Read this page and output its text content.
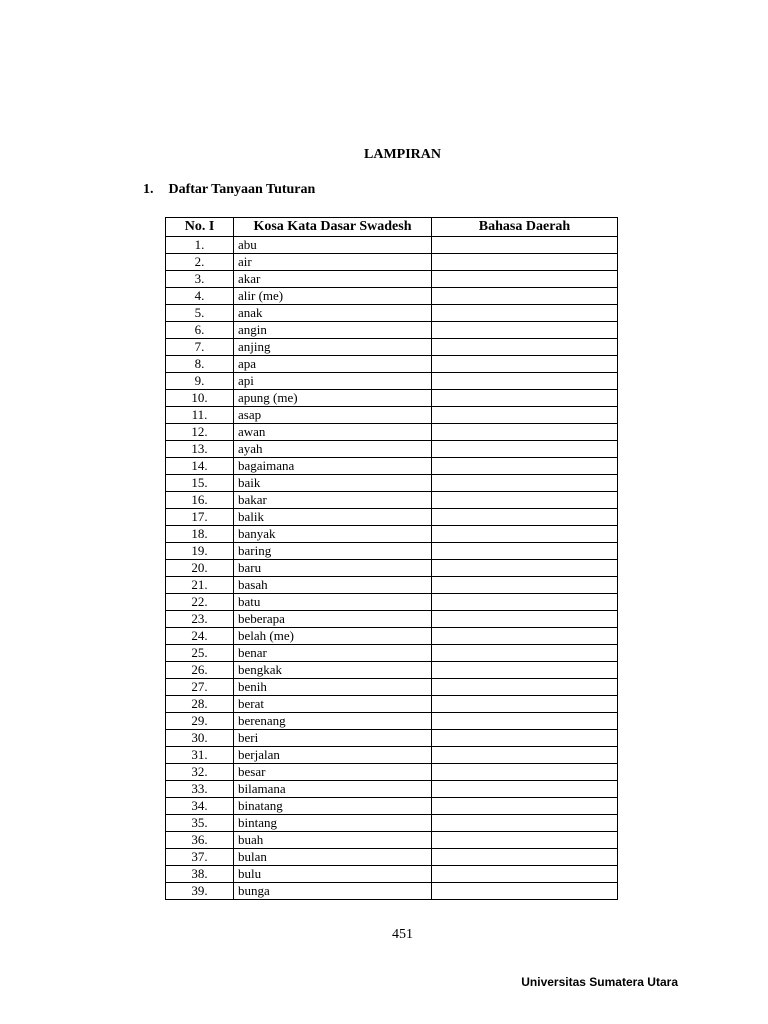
LAMPIRAN
1. Daftar Tanyaan Tuturan
No. I	Kosa Kata Dasar Swadesh	Bahasa Daerah
1.	abu	
2.	air	
3.	akar	
4.	alir (me)	
5.	anak	
6.	angin	
7.	anjing	
8.	apa	
9.	api	
10.	apung (me)	
11.	asap	
12.	awan	
13.	ayah	
14.	bagaimana	
15.	baik	
16.	bakar	
17.	balik	
18.	banyak	
19.	baring	
20.	baru	
21.	basah	
22.	batu	
23.	beberapa	
24.	belah (me)	
25.	benar	
26.	bengkak	
27.	benih	
28.	berat	
29.	berenang	
30.	beri	
31.	berjalan	
32.	besar	
33.	bilamana	
34.	binatang	
35.	bintang	
36.	buah	
37.	bulan	
38.	bulu	
39.	bunga	
451
Universitas Sumatera Utara
